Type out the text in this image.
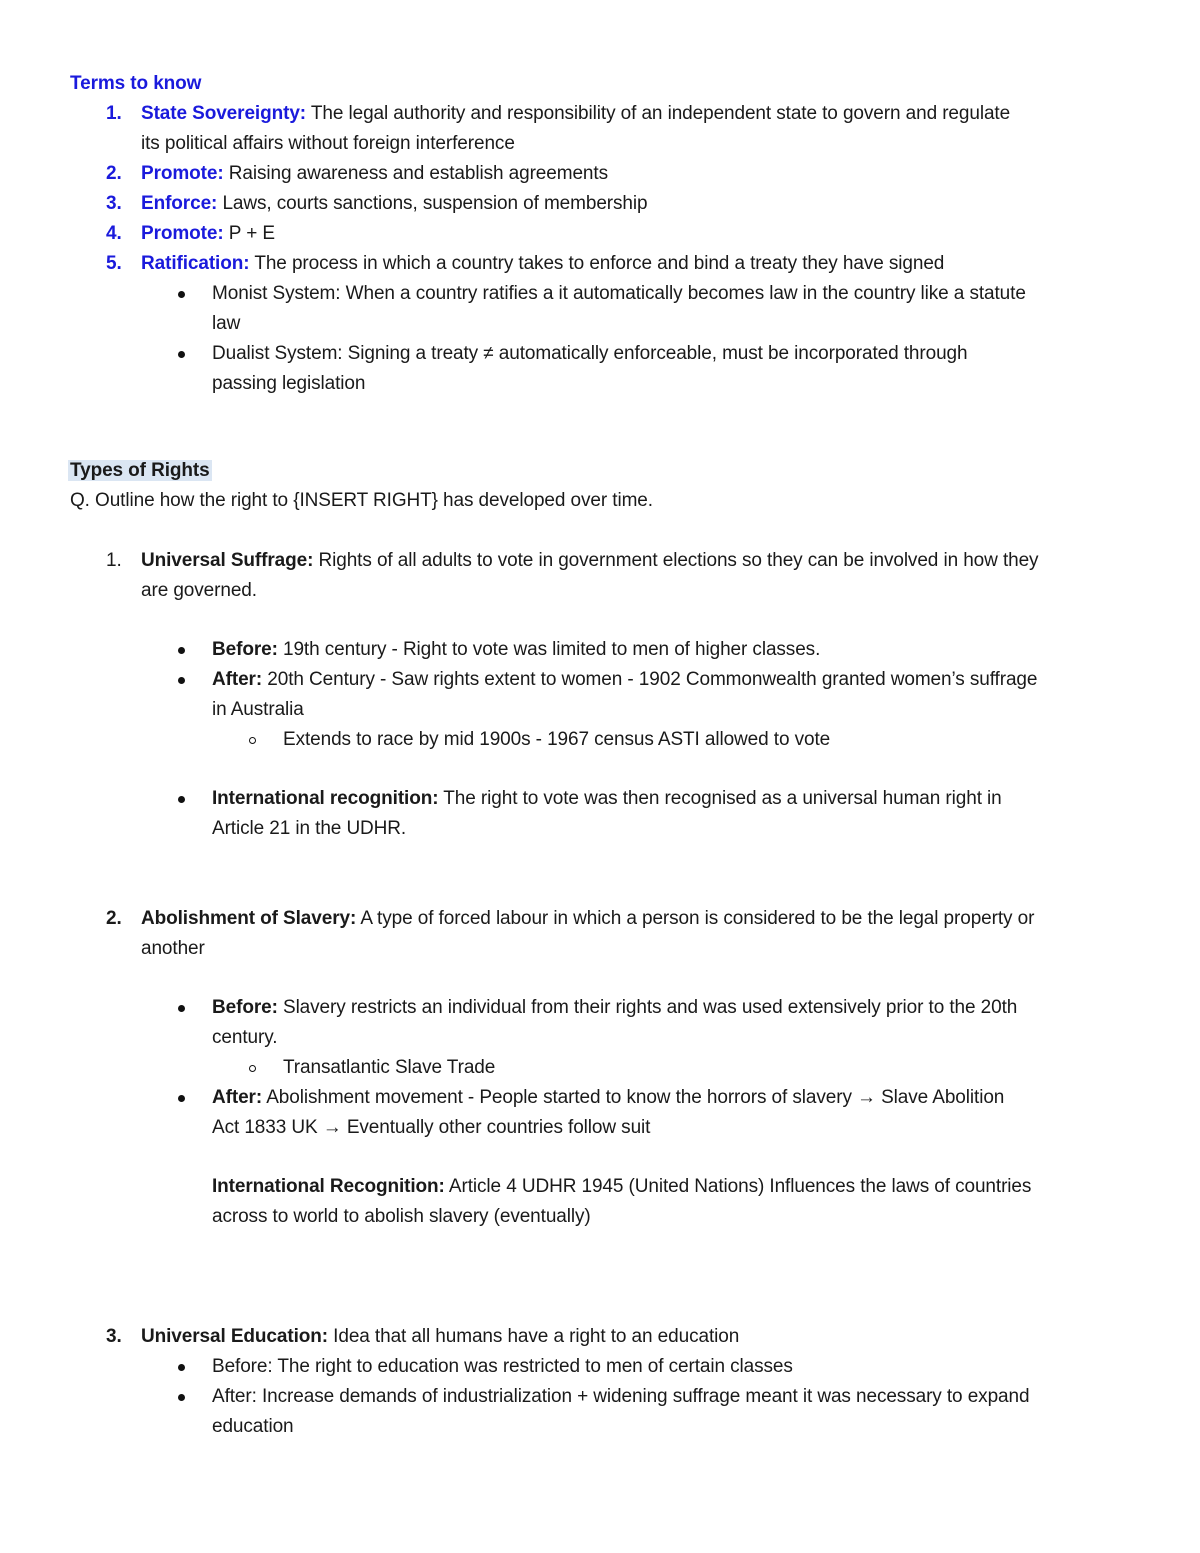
Terms to know
1. State Sovereignty: The legal authority and responsibility of an independent state to govern and regulate
its political affairs without foreign interference
2. Promote: Raising awareness and establish agreements
3. Enforce: Laws, courts sanctions, suspension of membership
4. Promote: P + E
5. Ratification: The process in which a country takes to enforce and bind a treaty they have signed
Monist System: When a country ratifies a it automatically becomes law in the country like a statute
law
Dualist System: Signing a treaty ≠ automatically enforceable, must be incorporated through
passing legislation
Types of Rights
Q. Outline how the right to {INSERT RIGHT} has developed over time.
1. Universal Suffrage: Rights of all adults to vote in government elections so they can be involved in how they
are governed.
Before: 19th century - Right to vote was limited to men of higher classes.
After: 20th Century - Saw rights extent to women - 1902 Commonwealth granted women’s suffrage
in Australia
Extends to race by mid 1900s - 1967 census ASTI allowed to vote
International recognition: The right to vote was then recognised as a universal human right in
Article 21 in the UDHR.
2. Abolishment of Slavery: A type of forced labour in which a person is considered to be the legal property or
another
Before: Slavery restricts an individual from their rights and was used extensively prior to the 20th
century.
Transatlantic Slave Trade
After: Abolishment movement - People started to know the horrors of slavery → Slave Abolition
Act 1833 UK → Eventually other countries follow suit
International Recognition: Article 4 UDHR 1945 (United Nations) Influences the laws of countries
across to world to abolish slavery (eventually)
3. Universal Education: Idea that all humans have a right to an education
Before: The right to education was restricted to men of certain classes
After: Increase demands of industrialization + widening suffrage meant it was necessary to expand
education
